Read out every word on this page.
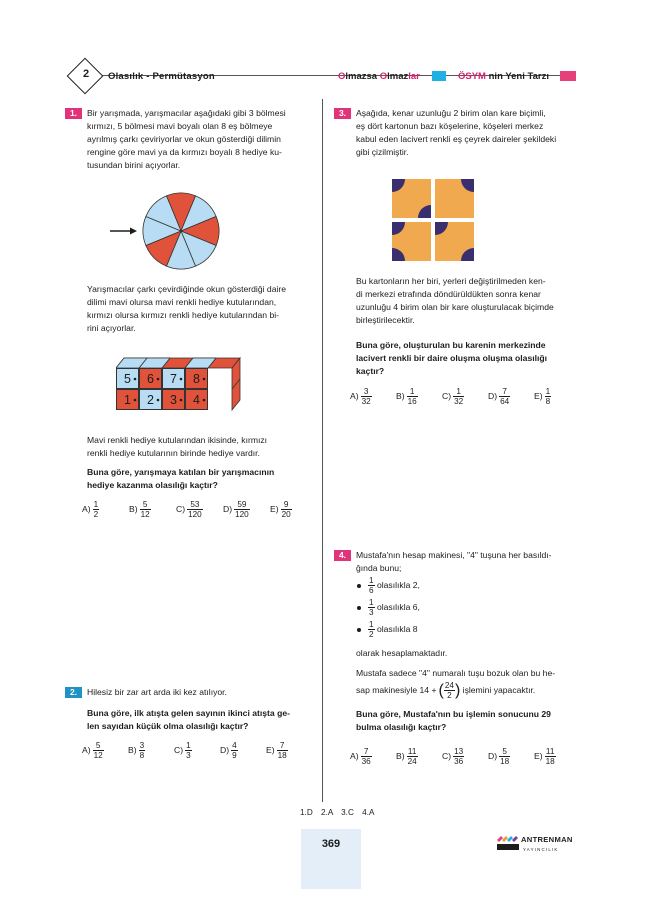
2	Olasılık - Permütasyon	Olmazsa Olmazlar	ÖSYM nin Yeni Tarzı
1.	Bir yarışmada, yarışmacılar aşağıdaki gibi 3 bölmesi
kırmızı, 5 bölmesi mavi boyalı olan 8 eş bölmeye
ayrılmış çarkı çeviriyorlar ve okun gösterdiği dilimin
rengine göre mavi ya da kırmızı boyalı 8 hediye ku-
tusundan birini açıyorlar.
Yarışmacılar çarkı çevirdiğinde okun gösterdiği daire
dilimi mavi olursa mavi renkli hediye kutularından,
kırmızı olursa kırmızı renkli hediye kutularından bi-
rini açıyorlar.
5	6	7	8
1	2	3	4
Mavi renkli hediye kutularından ikisinde, kırmızı
renkli hediye kutularının birinde hediye vardır.
Buna göre, yarışmaya katılan bir yarışmacının
hediye kazanma olasılığı kaçtır?
$A) \frac{1}{2}$	$B) \frac{5}{12}$	$C) \frac{53}{120} D) \frac{59}{120} E) \frac{9}{20}$
2.	Hilesiz bir zar art arda iki kez atılıyor.
Buna göre, ilk atışta gelen sayının ikinci atışta ge-
len sayıdan küçük olma olasılığı kaçtır?
$A) \frac{5}{12}$	$B) \frac{3}{8}$	$C) \frac{1}{3}$	$D) \frac{4}{9}$	$E) \frac{7}{18}$
3.	Aşağıda, kenar uzunluğu 2 birim olan kare biçimli,
eş dört kartonun bazı köşelerine, köşeleri merkez
kabul eden lacivert renkli eş çeyrek daireler şekildeki
gibi çizilmiştir.
Bu kartonların her biri, yerleri değiştirilmeden ken-
di merkezi etrafında döndürüldükten sonra kenar
uzunluğu 4 birim olan bir kare oluşturulacak biçimde
birleştirilecektir.
Buna göre, oluşturulan bu karenin merkezinde
lacivert renkli bir daire oluşma oluşma olasılığı
kaçtır?
$A) \frac{3}{32}$	$B) \frac{1}{16}$	$C) \frac{1}{32}$	$D) \frac{7}{64}$	$E) \frac{1}{8}$
4.	Mustafa'nın hesap makinesi, "4" tuşuna her basıldı-
ğında bunu;
$\frac{1}{6}$ olasılıkla 2,
$\frac{1}{3}$ olasılıkla 6,
$\frac{1}{2}$ olasılıkla 8
olarak hesaplamaktadır.
Mustafa sadece "4" numaralı tuşu bozuk olan bu he-
sap makinesiyle 14 + ( $\frac{24}{2}$ ) işlemini yapacaktır.
Buna göre, Mustafa'nın bu işlemin sonucunu 29
bulma olasılığı kaçtır?
$A) \frac{7}{36}$	$B) \frac{11}{24}$	$C) \frac{13}{36}$	$D) \frac{5}{18}$	$E) \frac{11}{18}$
1.D 2.A 3.C 4.A
369	ANTRENMAN
YAYINCILIK
